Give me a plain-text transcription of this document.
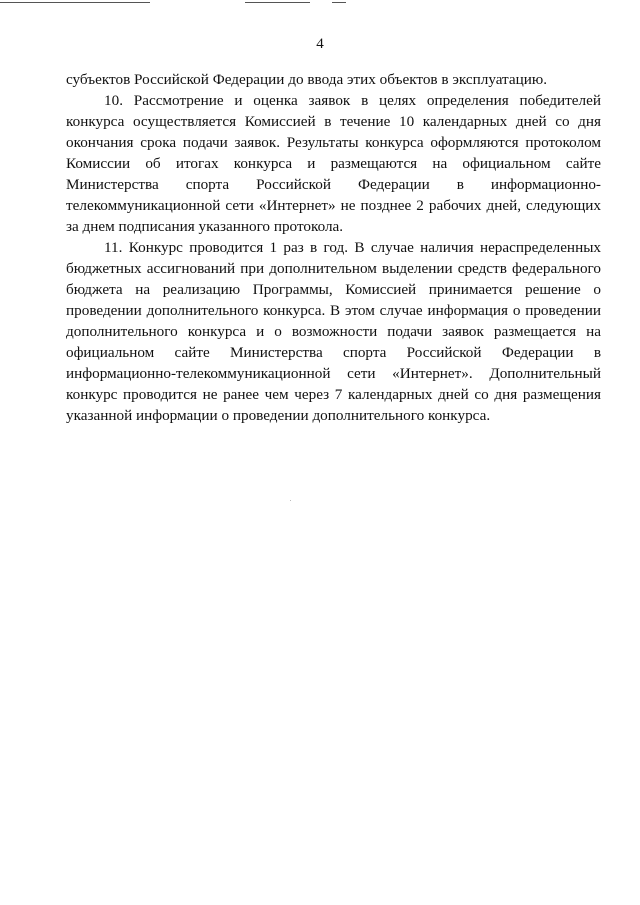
4

субъектов Российской Федерации до ввода этих объектов в эксплуатацию.

10. Рассмотрение и оценка заявок в целях определения победителей конкурса осуществляется Комиссией в течение 10 календарных дней со дня окончания срока подачи заявок. Результаты конкурса оформляются протоколом Комиссии об итогах конкурса и размещаются на официальном сайте Министерства спорта Российской Федерации в информационно-телекоммуникационной сети «Интернет» не позднее 2 рабочих дней, следующих за днем подписания указанного протокола.

11. Конкурс проводится 1 раз в год. В случае наличия нераспределенных бюджетных ассигнований при дополнительном выделении средств федерального бюджета на реализацию Программы, Комиссией принимается решение о проведении дополнительного конкурса. В этом случае информация о проведении дополнительного конкурса и о возможности подачи заявок размещается на официальном сайте Министерства спорта Российской Федерации в информационно-телекоммуникационной сети «Интернет». Дополнительный конкурс проводится не ранее чем через 7 календарных дней со дня размещения указанной информации о проведении дополнительного конкурса.
